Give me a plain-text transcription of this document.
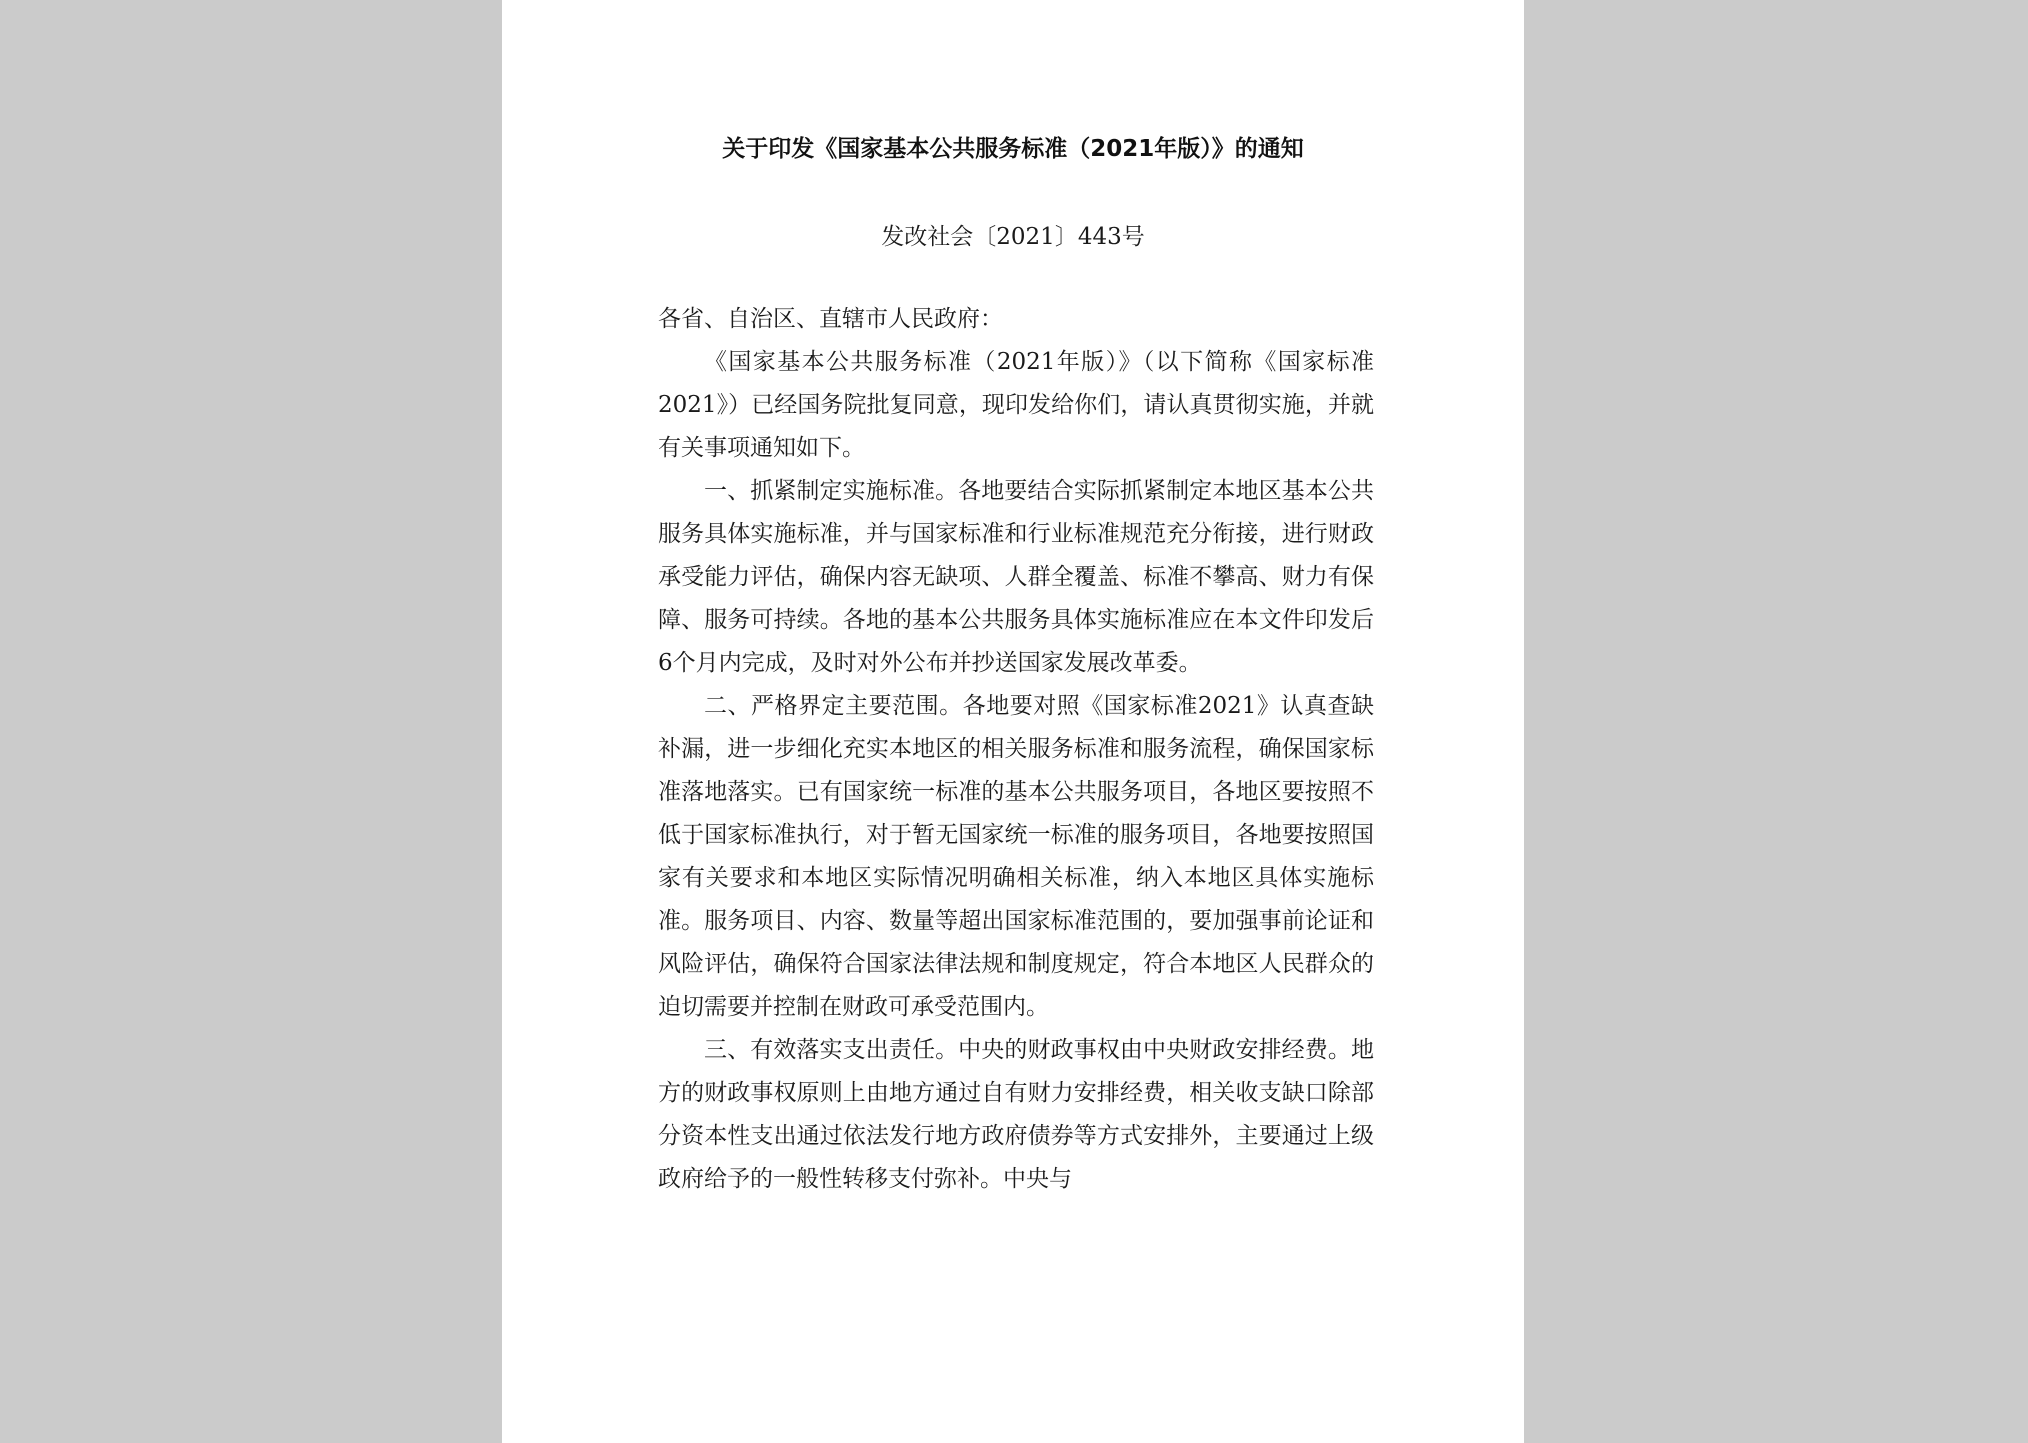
关于印发《国家基本公共服务标准（2021年版）》的通知
发改社会〔2021〕443号
各省、自治区、直辖市人民政府：

《国家基本公共服务标准（2021年版）》（以下简称《国家标准2021》）已经国务院批复同意，现印发给你们，请认真贯彻实施，并就有关事项通知如下。

一、抓紧制定实施标准。各地要结合实际抓紧制定本地区基本公共服务具体实施标准，并与国家标准和行业标准规范充分衔接，进行财政承受能力评估，确保内容无缺项、人群全覆盖、标准不攀高、财力有保障、服务可持续。各地的基本公共服务具体实施标准应在本文件印发后6个月内完成，及时对外公布并抄送国家发展改革委。

二、严格界定主要范围。各地要对照《国家标准2021》认真查缺补漏，进一步细化充实本地区的相关服务标准和服务流程，确保国家标准落地落实。已有国家统一标准的基本公共服务项目，各地区要按照不低于国家标准执行，对于暂无国家统一标准的服务项目，各地要按照国家有关要求和本地区实际情况明确相关标准，纳入本地区具体实施标准。服务项目、内容、数量等超出国家标准范围的，要加强事前论证和风险评估，确保符合国家法律法规和制度规定，符合本地区人民群众的迫切需要并控制在财政可承受范围内。

三、有效落实支出责任。中央的财政事权由中央财政安排经费。地方的财政事权原则上由地方通过自有财力安排经费，相关收支缺口除部分资本性支出通过依法发行地方政府债券等方式安排外，主要通过上级政府给予的一般性转移支付弥补。中央与
